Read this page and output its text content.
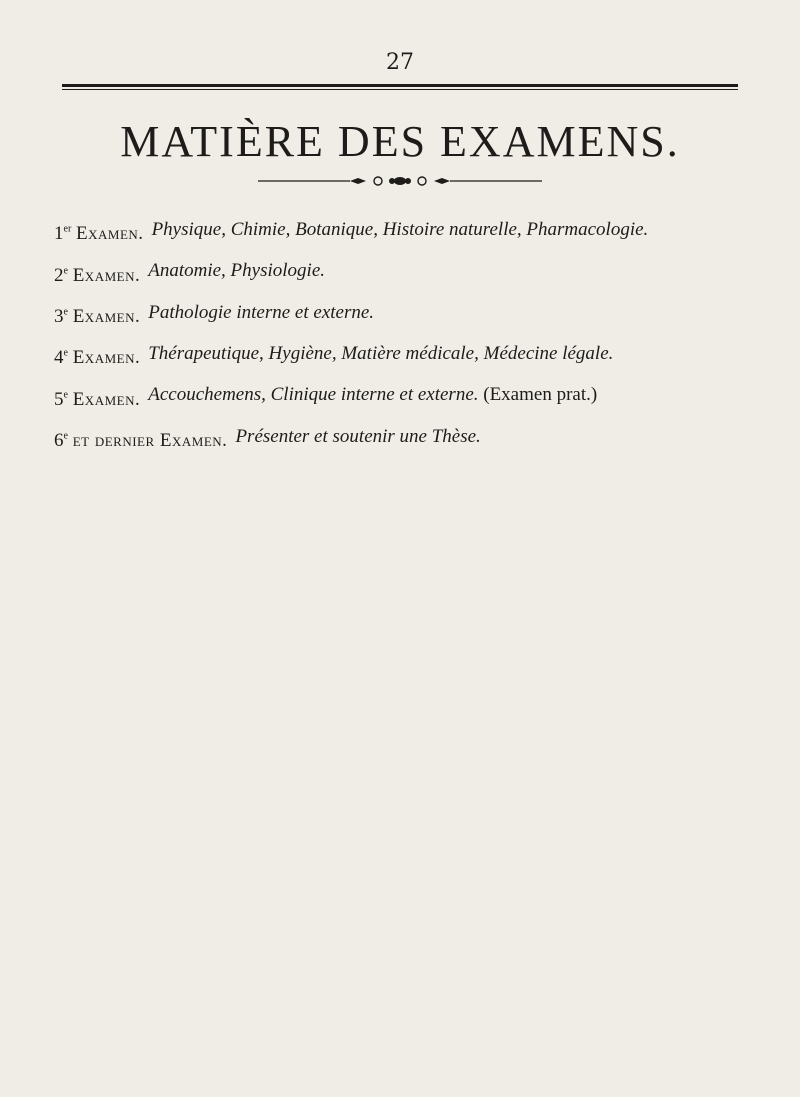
27
MATIÈRE DES EXAMENS.
1er Examen. Physique, Chimie, Botanique, Histoire naturelle, Pharmacologie.
2e Examen. Anatomie, Physiologie.
3e Examen. Pathologie interne et externe.
4e Examen. Thérapeutique, Hygiène, Matière médicale, Médecine légale.
5e Examen. Accouchemens, Clinique interne et externe. (Examen prat.)
6e et dernier Examen. Présenter et soutenir une Thèse.
